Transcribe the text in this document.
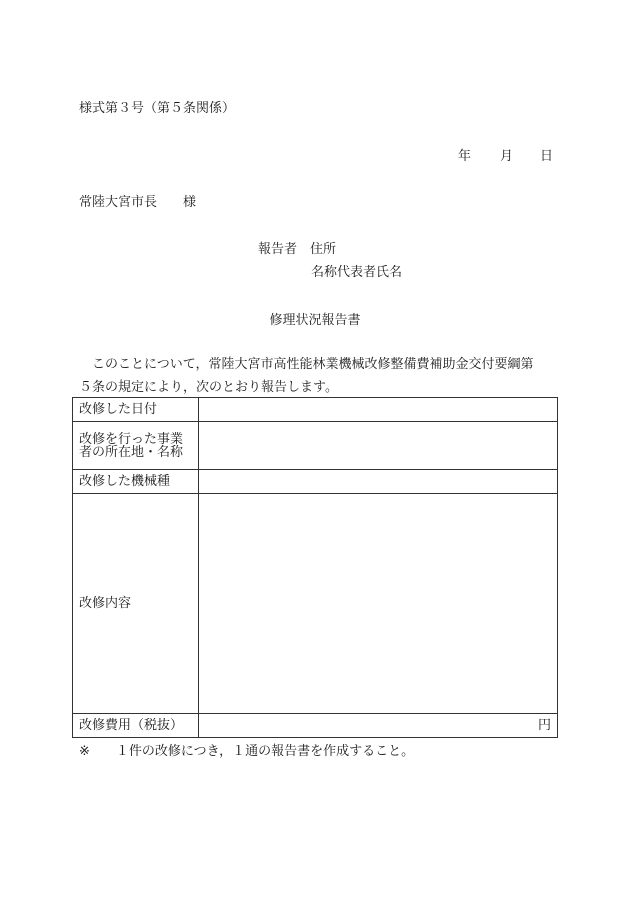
様式第３号（第５条関係）
年 月 日
常陸大宮市長 様
報告者 住所
名称代表者氏名
修理状況報告書
このことについて，常陸大宮市高性能林業機械改修整備費補助金交付要綱第
５条の規定により，次のとおり報告します。
改修した日付	

改修を行った事業
者の所在地・名称	

改修した機械種	
改修内容	
改修費用（税抜）	円
※ １件の改修につき，１通の報告書を作成すること。
